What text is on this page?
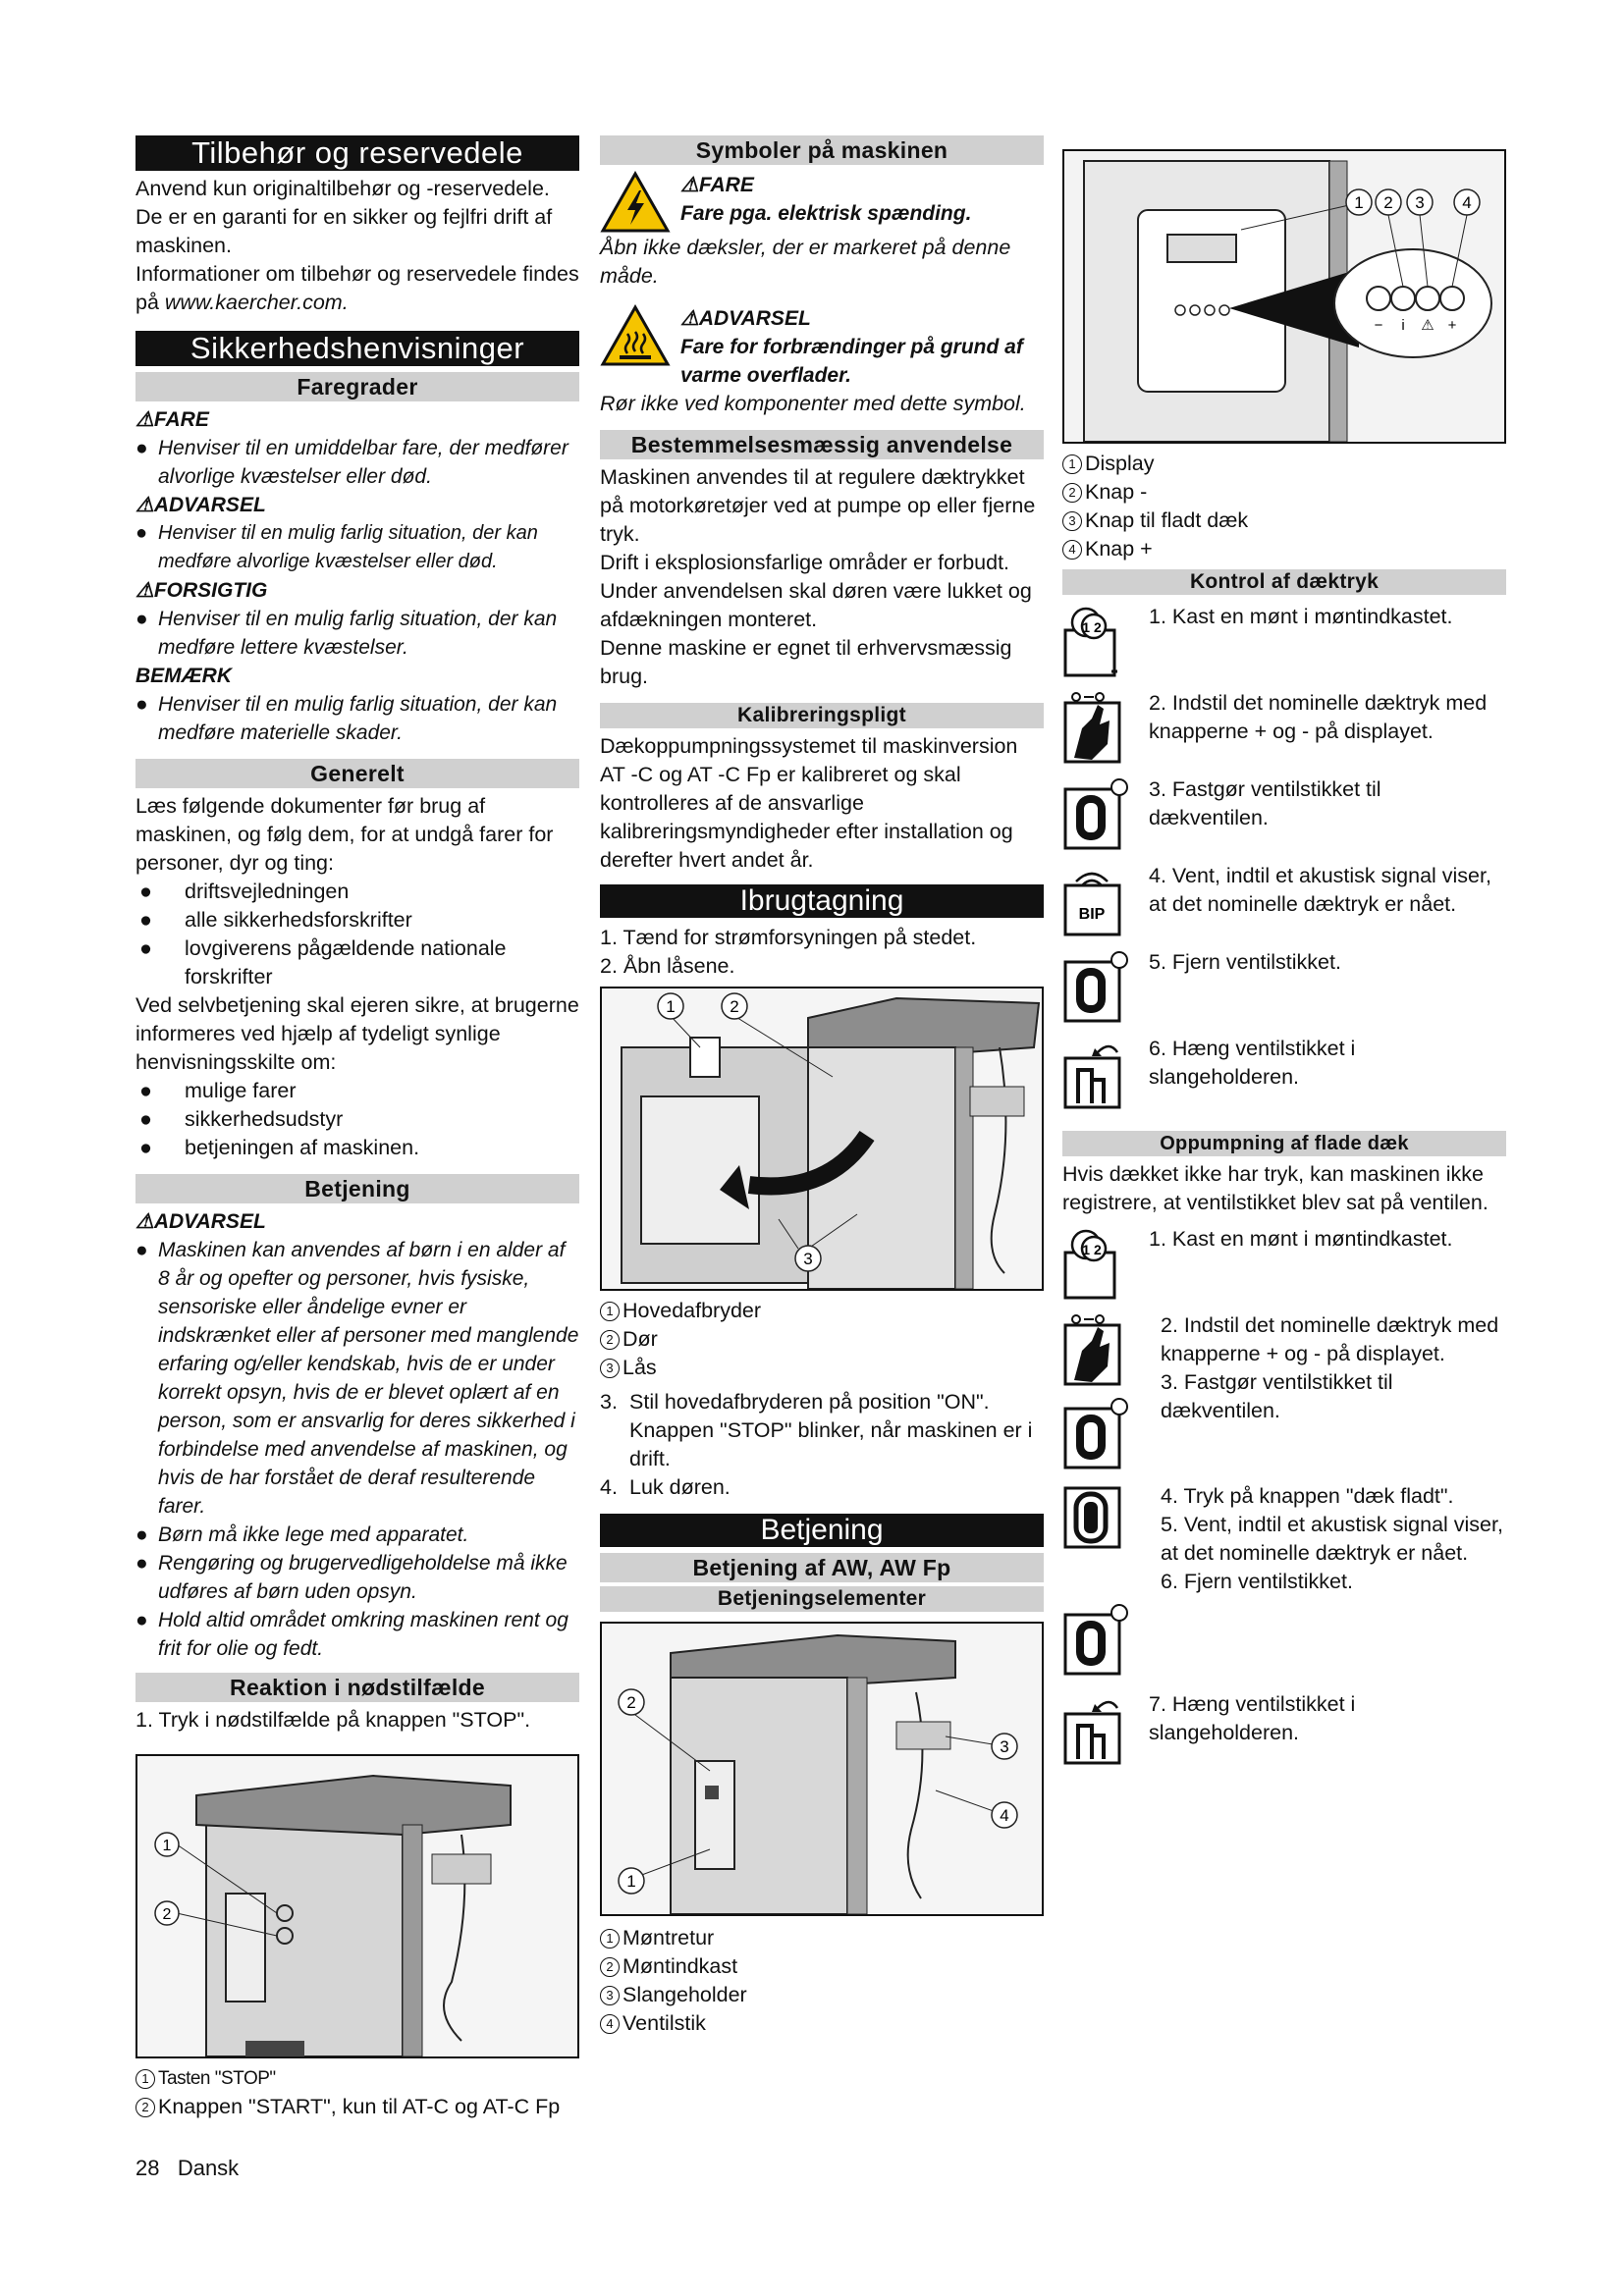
Tilbehør og reservedele

Anvend kun originaltilbehør og -reservedele. De er en garanti for en sikker og fejlfri drift af maskinen.

Informationer om tilbehør og reservedele findes på www.kaercher.com.

Sikkerhedshenvisninger
Faregrader
⚠FARE
● Henviser til en umiddelbar fare, der medfører alvorlige kvæstelser eller død.
⚠ADVARSEL
● Henviser til en mulig farlig situation, der kan medføre alvorlige kvæstelser eller død.
⚠FORSIGTIG
● Henviser til en mulig farlig situation, der kan medføre lettere kvæstelser.
BEMÆRK
● Henviser til en mulig farlig situation, der kan medføre materielle skader.
Generelt

Læs følgende dokumenter før brug af maskinen, og følg dem, for at undgå farer for personer, dyr og ting:

● driftsvejledningen
● alle sikkerhedsforskrifter
● lovgiverens pågældende nationale forskrifter

Ved selvbetjening skal ejeren sikre, at brugerne informeres ved hjælp af tydeligt synlige henvisningsskilte om:

● mulige farer
● sikkerhedsudstyr
● betjeningen af maskinen.
Betjening
⚠ADVARSEL
● Maskinen kan anvendes af børn i en alder af 8 år og opefter og personer, hvis fysiske, sensoriske eller åndelige evner er indskrænket eller af personer med manglende erfaring og/eller kendskab, hvis de er under korrekt opsyn, hvis de er blevet oplært af en person, som er ansvarlig for deres sikkerhed i forbindelse med anvendelse af maskinen, og hvis de har forstået de deraf resulterende farer.
● Børn må ikke lege med apparatet.
● Rengøring og brugervedligeholdelse må ikke udføres af børn uden opsyn.
● Hold altid området omkring maskinen rent og frit for olie og fedt.
Reaktion i nødstilfælde

1. Tryk i nødstilfælde på knappen "STOP".

1
2
1 Tasten "STOP"
2 Knappen "START", kun til AT-C og AT-C Fp
Symboler på maskinen
⚠FARE
Fare pga. elektrisk spænding.

Åbn ikke dæksler, der er markeret på denne måde.

⚠ADVARSEL
Fare for forbrændinger på grund af varme overflader.

Rør ikke ved komponenter med dette symbol.

Bestemmelsesmæssig anvendelse

Maskinen anvendes til at regulere dæktrykket på motorkøretøjer ved at pumpe op eller fjerne tryk.

Drift i eksplosionsfarlige områder er forbudt.

Under anvendelsen skal døren være lukket og afdækningen monteret.

Denne maskine er egnet til erhvervsmæssig brug.

Kalibreringspligt

Dækoppumpningssystemet til maskinversion AT -C og AT -C Fp er kalibreret og skal kontrolleres af de ansvarlige kalibreringsmyndigheder efter installation og derefter hvert andet år.

Ibrugtagning

1. Tænd for strømforsyningen på stedet.

2. Åbn låsene.

1	2
3
1 Hovedafbryder
2 Dør
3 Lås
3. Stil hovedafbryderen på position "ON". Knappen "STOP" blinker, når maskinen er i drift.
4. Luk døren.
Betjening
Betjening af AW, AW Fp
Betjeningselementer
2
3
1
4
1 Møntretur
2 Møntindkast
3 Slangeholder
4 Ventilstik
− i ⚠ +
1 2 3 4
1 Display
2 Knap -
3 Knap til fladt dæk
4 Knap +
Kontrol af dæktryk
1 2 1. Kast en mønt i møntindkastet.

2. Indstil det nominelle dæktryk med knapperne + og - på displayet.

3. Fastgør ventilstikket til dækventilen.

BIP

4. Vent, indtil et akustisk signal viser, at det nominelle dæktryk er nået.

5. Fjern ventilstikket.

6. Hæng ventilstikket i slangeholderen.

Oppumpning af flade dæk

Hvis dækket ikke har tryk, kan maskinen ikke registrere, at ventilstikket blev sat på ventilen.

1 2 1. Kast en mønt i møntindkastet.

2. Indstil det nominelle dæktryk med knapperne + og - på displayet.

3. Fastgør ventilstikket til dækventilen.

4. Tryk på knappen "dæk fladt".

5. Vent, indtil et akustisk signal viser, at det nominelle dæktryk er nået.

6. Fjern ventilstikket.

7. Hæng ventilstikket i slangeholderen.

28 Dansk
